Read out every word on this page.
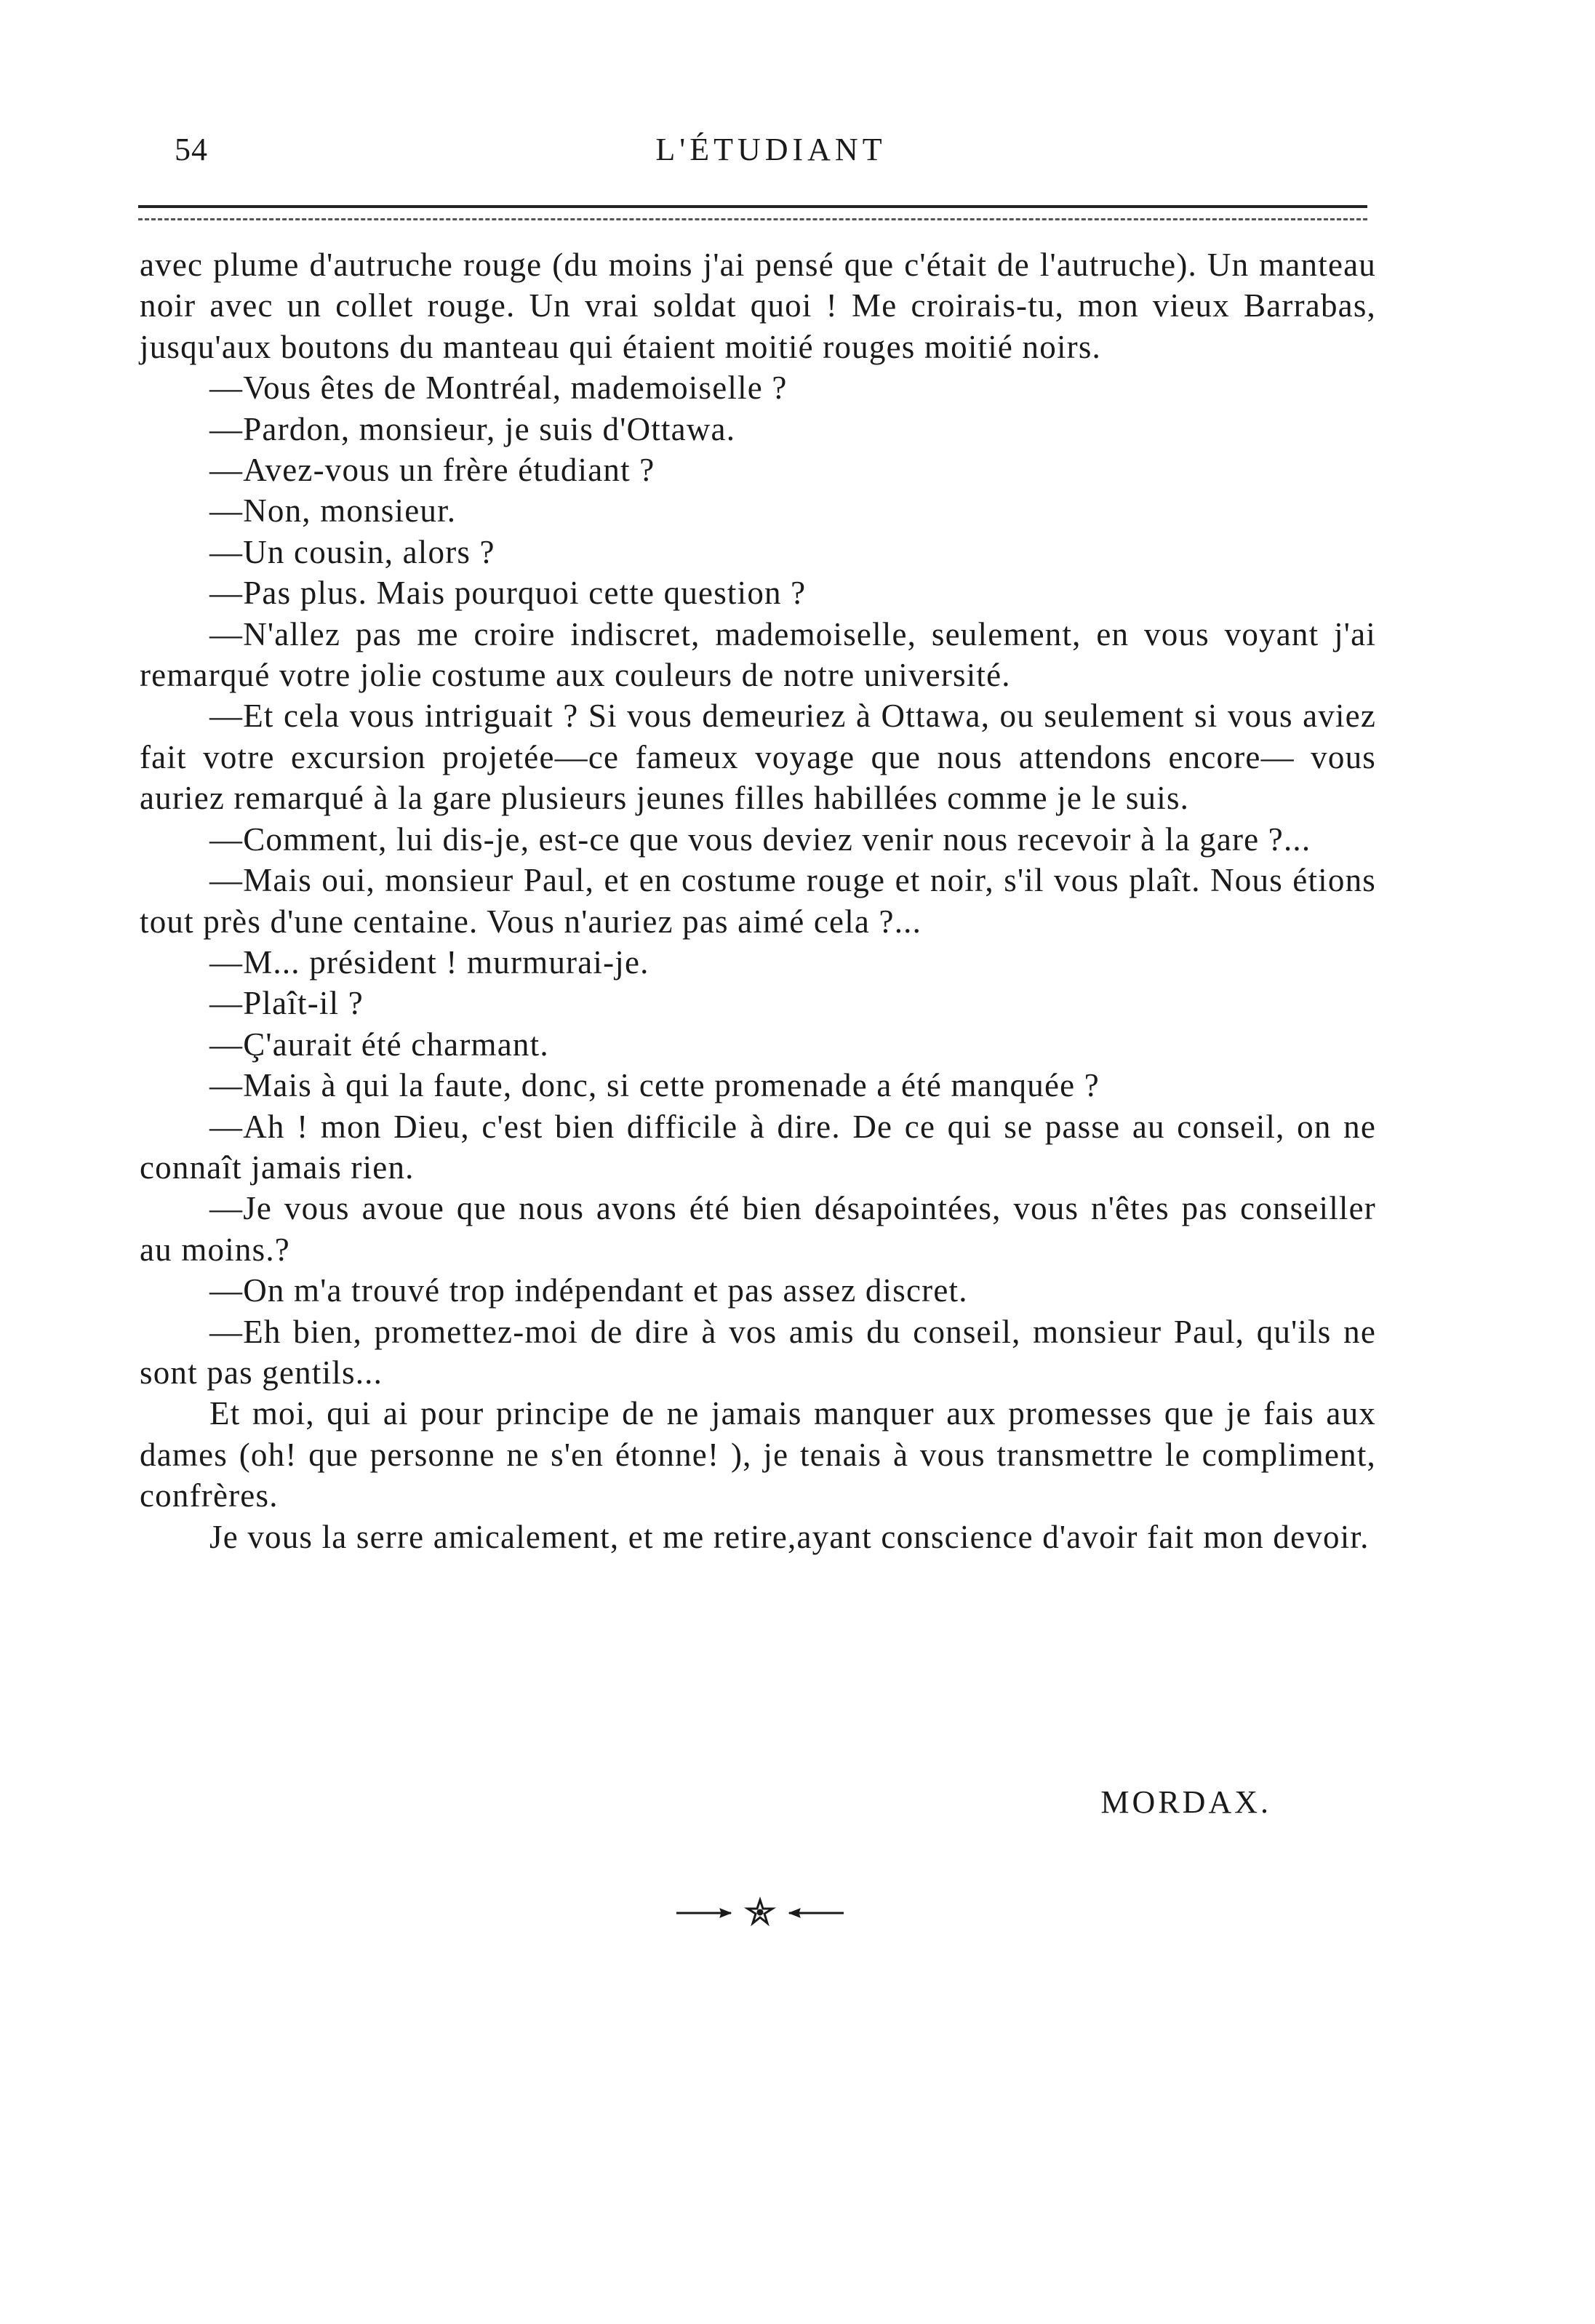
54	L'ÉTUDIANT

avec plume d'autruche rouge (du moins j'ai pensé que c'était de l'autruche). Un manteau noir avec un collet rouge. Un vrai soldat quoi ! Me croirais-tu, mon vieux Barrabas, jusqu'aux boutons du manteau qui étaient moitié rouges moitié noirs.

—Vous êtes de Montréal, mademoiselle ?

—Pardon, monsieur, je suis d'Ottawa.

—Avez-vous un frère étudiant ?

—Non, monsieur.

—Un cousin, alors ?

—Pas plus. Mais pourquoi cette question ?

—N'allez pas me croire indiscret, mademoiselle, seulement, en vous voyant j'ai remarqué votre jolie costume aux couleurs de notre université.

—Et cela vous intriguait ? Si vous demeuriez à Ottawa, ou seulement si vous aviez fait votre excursion projetée—ce fameux voyage que nous attendons encore— vous auriez remarqué à la gare plusieurs jeunes filles habillées comme je le suis.

—Comment, lui dis-je, est-ce que vous deviez venir nous recevoir à la gare ?...

—Mais oui, monsieur Paul, et en costume rouge et noir, s'il vous plaît. Nous étions tout près d'une centaine. Vous n'auriez pas aimé cela ?...

—M... président ! murmurai-je.

—Plaît-il ?

—Ç'aurait été charmant.

—Mais à qui la faute, donc, si cette promenade a été manquée ?

—Ah ! mon Dieu, c'est bien difficile à dire. De ce qui se passe au conseil, on ne connaît jamais rien.

—Je vous avoue que nous avons été bien désapointées, vous n'êtes pas conseiller au moins.?

—On m'a trouvé trop indépendant et pas assez discret.

—Eh bien, promettez-moi de dire à vos amis du conseil, monsieur Paul, qu'ils ne sont pas gentils...

Et moi, qui ai pour principe de ne jamais manquer aux promesses que je fais aux dames (oh! que personne ne s'en étonne! ), je tenais à vous transmettre le compliment, confrères.

Je vous la serre amicalement, et me retire,ayant conscience d'avoir fait mon devoir.

MORDAX.
